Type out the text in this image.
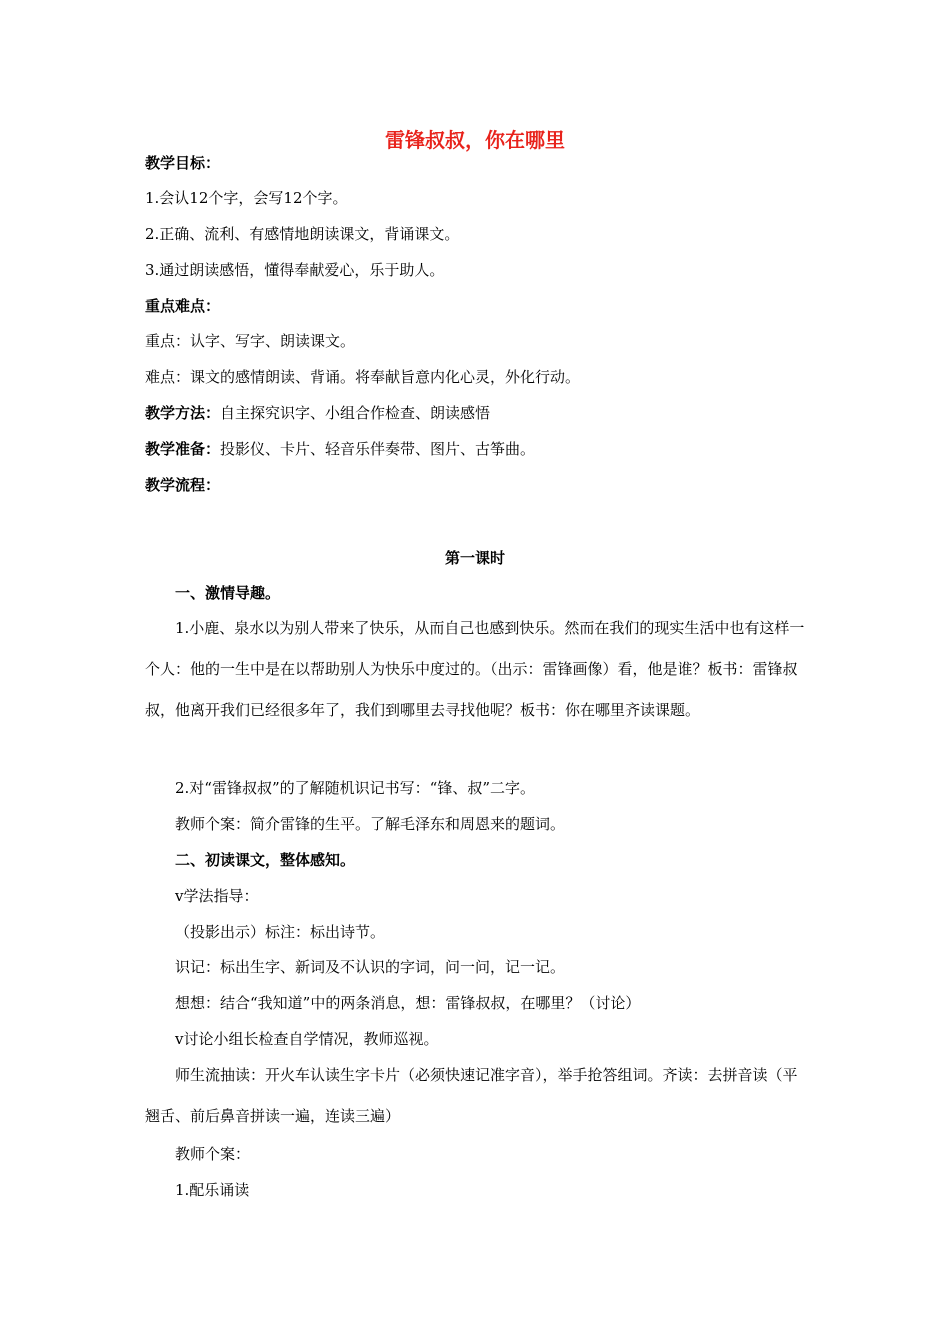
雷锋叔叔，你在哪里
教学目标：
1.会认12个字，会写12个字。
2.正确、流利、有感情地朗读课文，背诵课文。
3.通过朗读感悟，懂得奉献爱心，乐于助人。
重点难点：
重点：认字、写字、朗读课文。
难点：课文的感情朗读、背诵。将奉献旨意内化心灵，外化行动。
教学方法：自主探究识字、小组合作检查、朗读感悟
教学准备：投影仪、卡片、轻音乐伴奏带、图片、古筝曲。
教学流程：
第一课时
一、激情导趣。
1.小鹿、泉水以为别人带来了快乐，从而自己也感到快乐。然而在我们的现实生活中也有这样一个人：他的一生中是在以帮助别人为快乐中度过的。（出示：雷锋画像）看，他是谁？板书：雷锋叔叔，他离开我们已经很多年了，我们到哪里去寻找他呢？板书：你在哪里齐读课题。
2.对“雷锋叔叔”的了解随机识记书写：“锋、叔”二字。
教师个案：简介雷锋的生平。了解毛泽东和周恩来的题词。
二、初读课文，整体感知。
v学法指导：
（投影出示）标注：标出诗节。
识记：标出生字、新词及不认识的字词，问一问，记一记。
想想：结合“我知道”中的两条消息，想：雷锋叔叔，在哪里？（讨论）
v讨论小组长检查自学情况，教师巡视。
师生流抽读：开火车认读生字卡片（必须快速记准字音），举手抢答组词。齐读：去拼音读（平翘舌、前后鼻音拼读一遍，连读三遍）
教师个案：
1.配乐诵读
